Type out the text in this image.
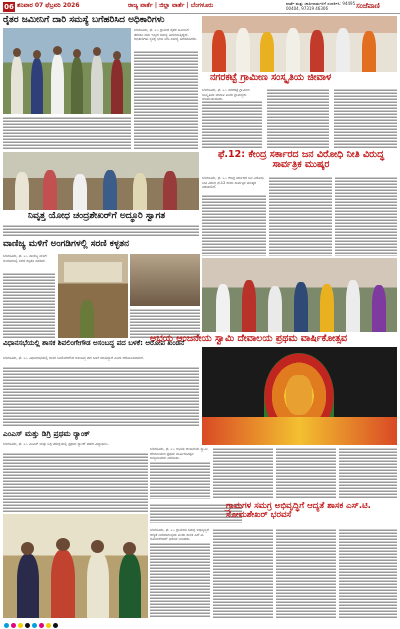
06 ಶನಿವಾರ 07 ಫೆಬ್ರವರಿ 2026	ರಾಜ್ಯ ವಾರ್ತೆ | ಜಿಲ್ಲಾ ವಾರ್ತೆ | ಬೆಂಗಳೂರು	ವಾರ್ತೆ ಮತ್ತು ಜಾಹೀರಾತುಗಳಿಗೆ ಸಂಪರ್ಕಿಸಿ: 94495 00404, 97319 46306	ಸಂಜೆವಾಣಿ
ರೈತರ ಜಮೀನಿಗೆ ದಾರಿ ಸಮಸ್ಯೆ ಬಗೆಹರಿಸಿದ ಅಧಿಕಾರಿಗಳು
ಬೆಂಗಳೂರು, ಫೆ. ೬:- ಗ್ರಾಮದ ರೈತರ ಜಮೀನಿಗೆ ತೆರಳಲು ದಾರಿ ಇಲ್ಲದೆ ಸಮಸ್ಯೆ ಎದುರಿಸುತ್ತಿದ್ದರು. ಅಧಿಕಾರಿಗಳು ಸ್ಥಳಕ್ಕೆ ಭೇಟಿ ನೀಡಿ ಸಮಸ್ಯೆ ಬಗೆಹರಿಸಿದರು.
ನಗರಕಟ್ಟೆ ಗ್ರಾಮೀಣ ಸಂಸ್ಕೃತಿಯ ಜೀವಾಳ
ಬೆಂಗಳೂರು, ಫೆ. ೬:- ನಗರಕಟ್ಟೆ ಗ್ರಾಮೀಣ ಸಂಸ್ಕೃತಿಯ ಜೀವಾಳ ಎಂದು ಗ್ರಾಮಸ್ಥರು
ಫೆ.12: ಕೇಂದ್ರ ಸರ್ಕಾರದ ಜನ ವಿರೋಧಿ ನೀತಿ ವಿರುದ್ಧ ಸಾರ್ವತ್ರಿಕ ಮುಷ್ಕರ
ಬೆಂಗಳೂರು, ಫೆ. ೬:- ಕೇಂದ್ರ ಸರ್ಕಾರದ ಜನ ವಿರೋಧಿ ನೀತಿ ವಿರುದ್ಧ ಫೆ.12 ರಂದು ಸಾರ್ವತ್ರಿಕ ಮುಷ್ಕರ ನಡೆಯಲಿದೆ.
ನಿವೃತ್ತ ಯೋಧ ಚಂದ್ರಶೇಖರ್‌ಗೆ ಅದ್ಧೂರಿ ಸ್ವಾಗತ
ವಾಣಿಜ್ಯ ಮಳಿಗೆ ಅಂಗಡಿಗಳಲ್ಲಿ ಸರಣಿ ಕಳ್ಳತನ
ಬೆಂಗಳೂರು, ಫೆ. ೬:- ವಾಣಿಜ್ಯ ಮಳಿಗೆ ಅಂಗಡಿಗಳಲ್ಲಿ ಸರಣಿ ಕಳ್ಳತನ ನಡೆದಿದೆ.
ವಿಧಾನಸಭೆಯಲ್ಲಿ ಶಾಸಕ ಶಿವಲಿಂಗೇಗೌಡ ಅಸಂಬದ್ಧ ಪದ ಬಳಕೆ: ಆರೋಪ ಖಂಡನೆ
ಬೆಂಗಳೂರು, ಫೆ. ೬:- ವಿಧಾನಸಭೆಯಲ್ಲಿ ಶಾಸಕ ಶಿವಲಿಂಗೇಗೌಡ ಅಸಂಬದ್ಧ ಪದ ಬಳಕೆ ಮಾಡಿದ್ದಾರೆ ಎಂದು ಆರೋಪಿಸಲಾಗಿದೆ.
ಅಭಯ ಆಂಜನೇಯ ಸ್ವಾಮಿ ದೇವಾಲಯ ಪ್ರಥಮ ವಾರ್ಷಿಕೋತ್ಸವ
ಬೆಂಗಳೂರು, ಫೆ. ೬:- ಅಭಯ ಆಂಜನೇಯ ಸ್ವಾಮಿ ದೇವಾಲಯದ ಪ್ರಥಮ ವಾರ್ಷಿಕೋತ್ಸವ ಅದ್ಧೂರಿಯಾಗಿ ನಡೆಯಿತು.
ಎಂಎಸ್ ಮತ್ತು ಡಿಗ್ರಿ ಪ್ರಥಮ ರ‍್ಯಾಂಕ್
ಬೆಂಗಳೂರು, ಫೆ. ೬:- ಎಂಎಸ್ ಮತ್ತು ಡಿಗ್ರಿ ಪರೀಕ್ಷೆಯಲ್ಲಿ ಪ್ರಥಮ ರ‍್ಯಾಂಕ್ ಪಡೆದ ವಿದ್ಯಾರ್ಥಿನಿ.
ಗ್ರಾಮಗಳ ಸಮಗ್ರ ಅಭಿವೃದ್ಧಿಗೆ ಆದ್ಯತೆ ಶಾಸಕ ಎಸ್.ಟಿ. ಸೋಮಶೇಖರ್ ಭರವಸೆ
ಬೆಂಗಳೂರು, ಫೆ. ೬:- ಗ್ರಾಮಗಳ ಸಮಗ್ರ ಅಭಿವೃದ್ಧಿಗೆ ಆದ್ಯತೆ ನೀಡಲಾಗುವುದು ಎಂದು ಶಾಸಕ ಎಸ್.ಟಿ. ಸೋಮಶೇಖರ್ ಭರವಸೆ ನೀಡಿದರು.
